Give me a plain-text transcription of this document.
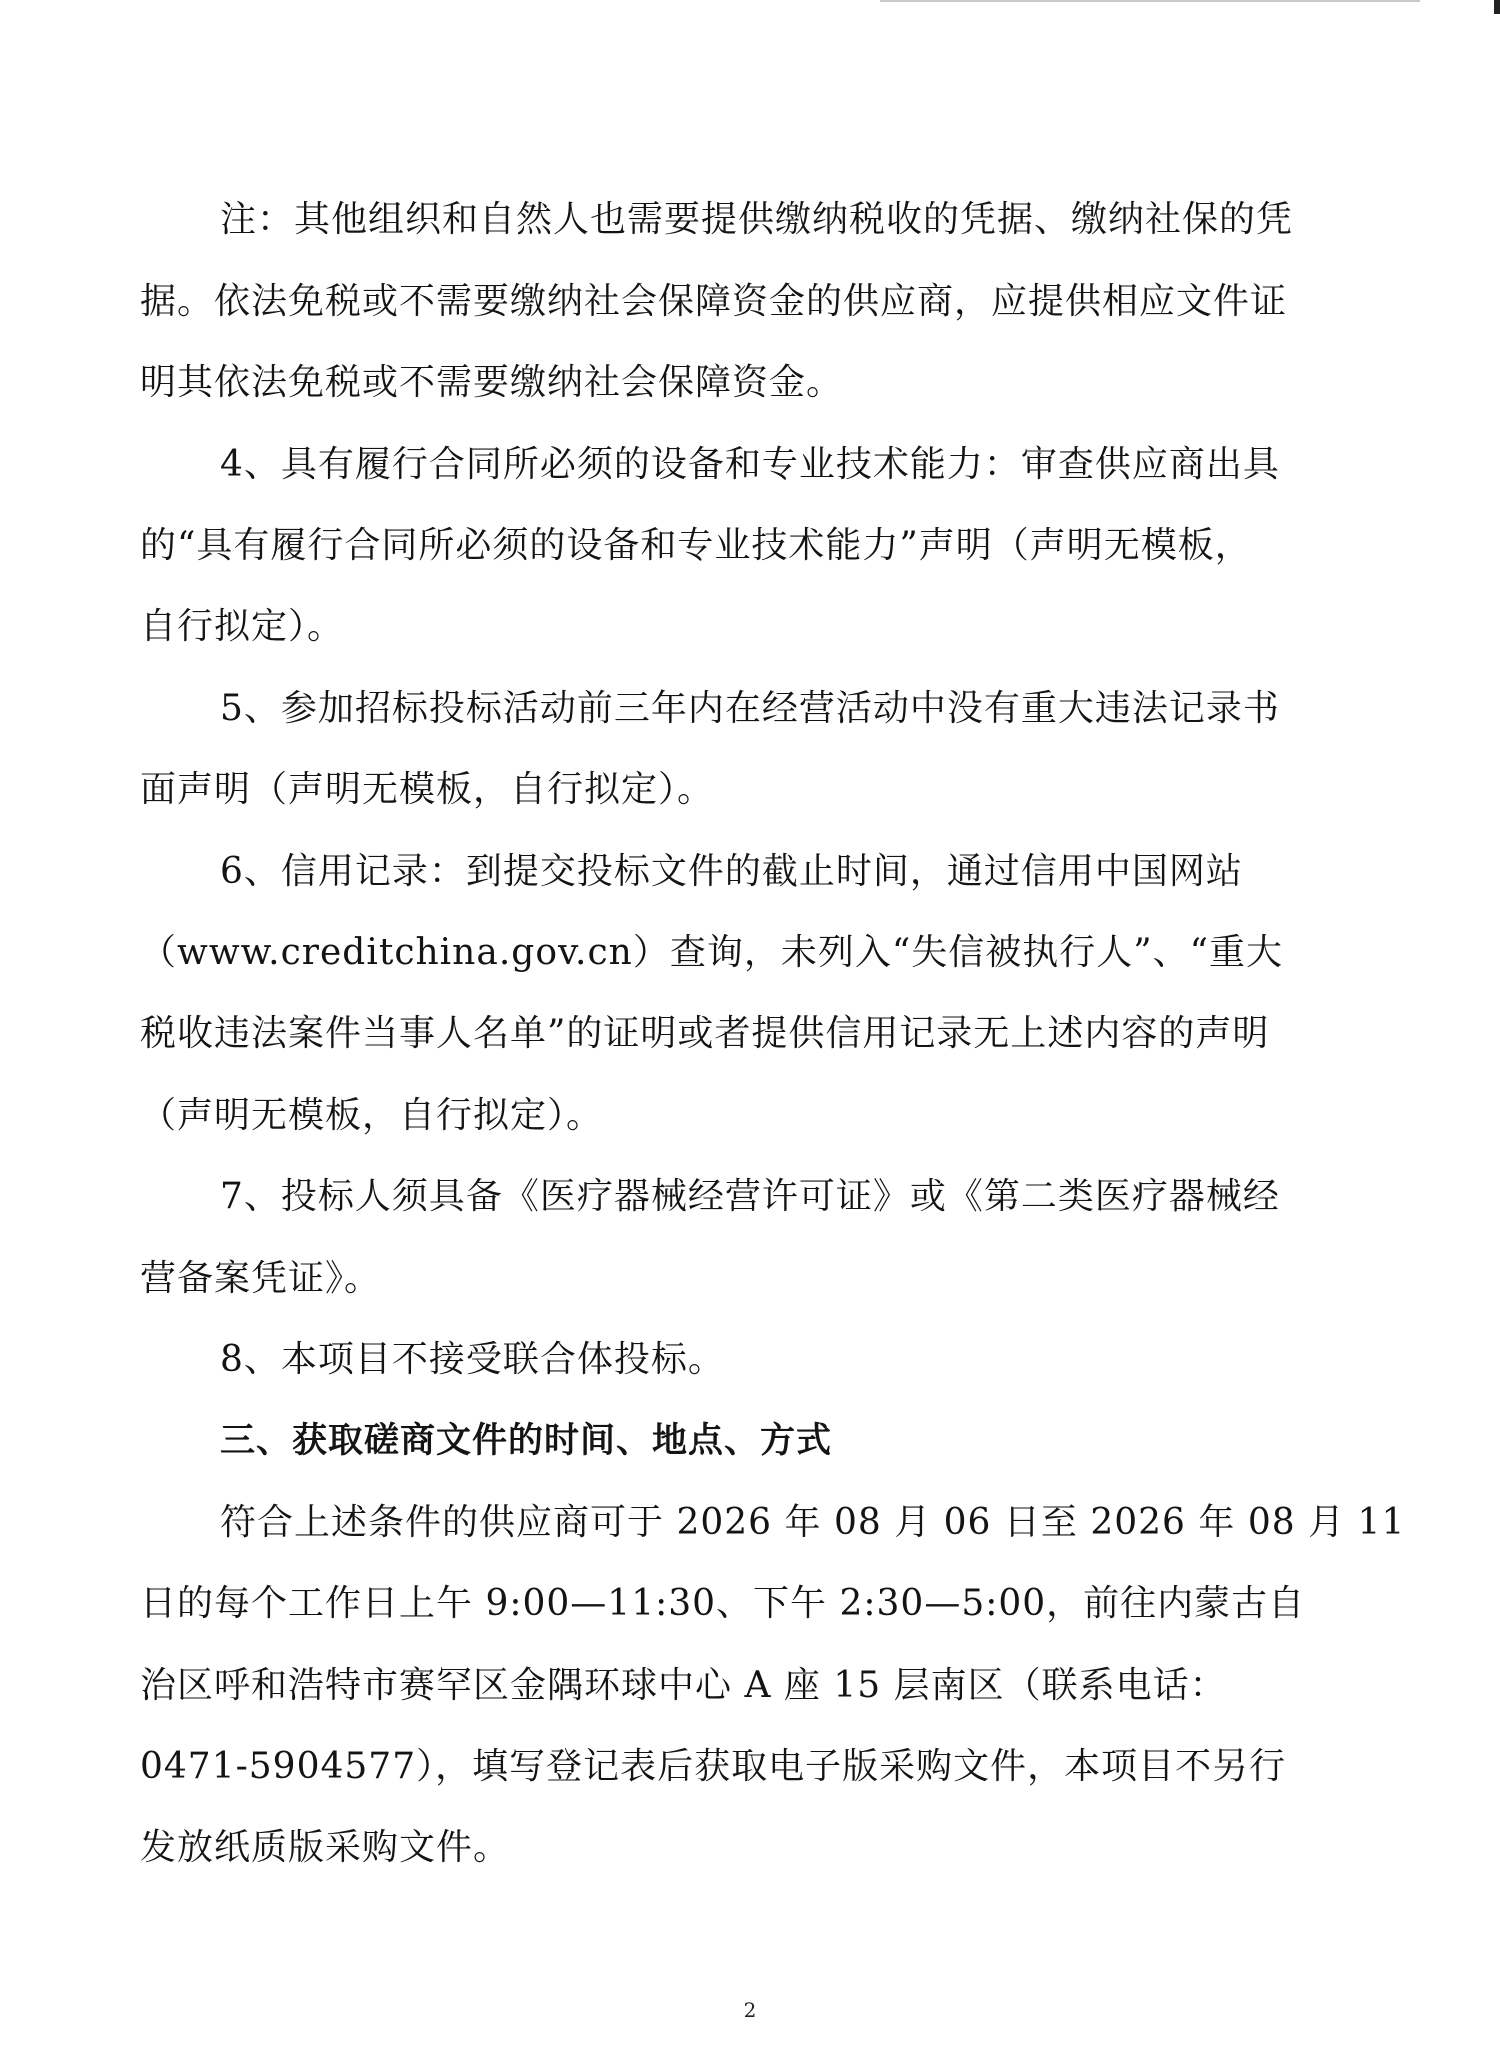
注：其他组织和自然人也需要提供缴纳税收的凭据、缴纳社保的凭
据。依法免税或不需要缴纳社会保障资金的供应商，应提供相应文件证
明其依法免税或不需要缴纳社会保障资金。
4、具有履行合同所必须的设备和专业技术能力：审查供应商出具
的“具有履行合同所必须的设备和专业技术能力”声明（声明无模板，
自行拟定）。
5、参加招标投标活动前三年内在经营活动中没有重大违法记录书
面声明（声明无模板，自行拟定）。
6、信用记录：到提交投标文件的截止时间，通过信用中国网站
（www.creditchina.gov.cn）查询，未列入“失信被执行人”、“重大
税收违法案件当事人名单”的证明或者提供信用记录无上述内容的声明
（声明无模板，自行拟定）。
7、投标人须具备《医疗器械经营许可证》或《第二类医疗器械经
营备案凭证》。
8、本项目不接受联合体投标。
三、获取磋商文件的时间、地点、方式
符合上述条件的供应商可于 2026 年 08 月 06 日至 2026 年 08 月 11
日的每个工作日上午 9:00—11:30、下午 2:30—5:00，前往内蒙古自
治区呼和浩特市赛罕区金隅环球中心 A 座 15 层南区（联系电话：
0471-5904577），填写登记表后获取电子版采购文件，本项目不另行
发放纸质版采购文件。
2
